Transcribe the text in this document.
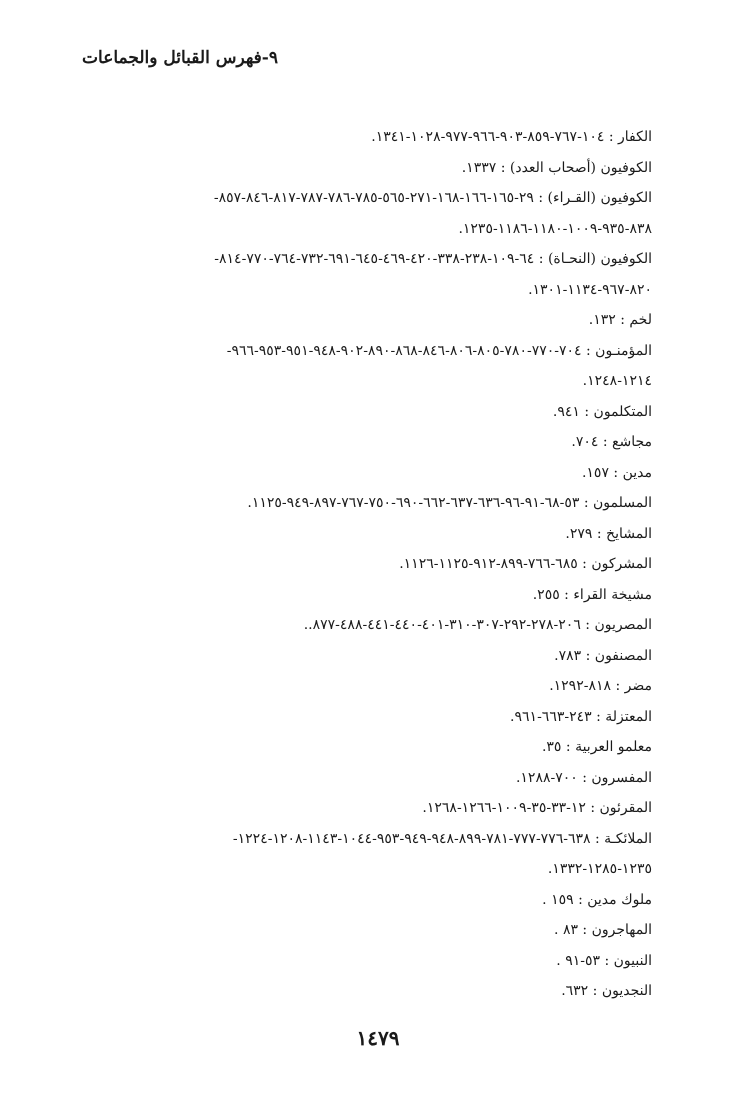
٩-فهرس القبائل والجماعات
الكفار : ١٠٤-٧٦٧-٨٥٩-٩٠٣-٩٦٦-٩٧٧-١٠٢٨-١٣٤١.
الكوفيون (أصحاب العدد) : ١٣٣٧.
الكوفيون (القـراء) : ٢٩-١٦٥-١٦٦-١٦٨-٢٧١-٥٦٥-٧٨٥-٧٨٦-٧٨٧-٨١٧-٨٤٦-٨٥٧-
٨٣٨-٩٣٥-١٠٠٩-١١٨٠-١١٨٦-١٢٣٥.
الكوفيون (النحـاة) : ٦٤-١٠٩-٢٣٨-٣٣٨-٤٢٠-٤٦٩-٦٤٥-٦٩١-٧٣٢-٧٦٤-٧٧٠-٨١٤-
٨٢٠-٩٦٧-١١٣٤-١٣٠١.
لخم : ١٣٢.
المؤمنـون : ٧٠٤-٧٧٠-٧٨٠-٨٠٥-٨٠٦-٨٤٦-٨٦٨-٨٩٠-٩٠٢-٩٤٨-٩٥١-٩٥٣-٩٦٦-
١٢١٤-١٢٤٨.
المتكلمون : ٩٤١.
مجاشع : ٧٠٤.
مدين : ١٥٧.
المسلمون : ٥٣-٦٨-٩١-٩٦-٦٣٦-٦٣٧-٦٦٢-٦٩٠-٧٥٠-٧٦٧-٨٩٧-٩٤٩-١١٢٥.
المشايخ : ٢٧٩.
المشركون : ٦٨٥-٧٦٦-٨٩٩-٩١٢-١١٢٥-١١٢٦.
مشيخة القراء : ٢٥٥.
المصريون : ٢٠٦-٢٧٨-٢٩٢-٣٠٧-٣١٠-٤٠١-٤٤٠-٤٤١-٤٨٨-٨٧٧..
المصنفون : ٧٨٣.
مضر : ٨١٨-١٢٩٢.
المعتزلة : ٢٤٣-٦٦٣-٩٦١.
معلمو العربية : ٣٥.
المفسرون : ٧٠٠-١٢٨٨.
المقرئون : ١٢-٣٣-٣٥-١٠٠٩-١٢٦٦-١٢٦٨.
الملائكـة : ٦٣٨-٧٧٦-٧٧٧-٧٨١-٨٩٩-٩٤٨-٩٤٩-٩٥٣-١٠٤٤-١١٤٣-١٢٠٨-١٢٢٤-
١٢٣٥-١٢٨٥-١٣٣٢.
ملوك مدين : ١٥٩ .
المهاجرون : ٨٣ .
النبيون : ٥٣-٩١ .
النجديون : ٦٣٢.
١٤٧٩
